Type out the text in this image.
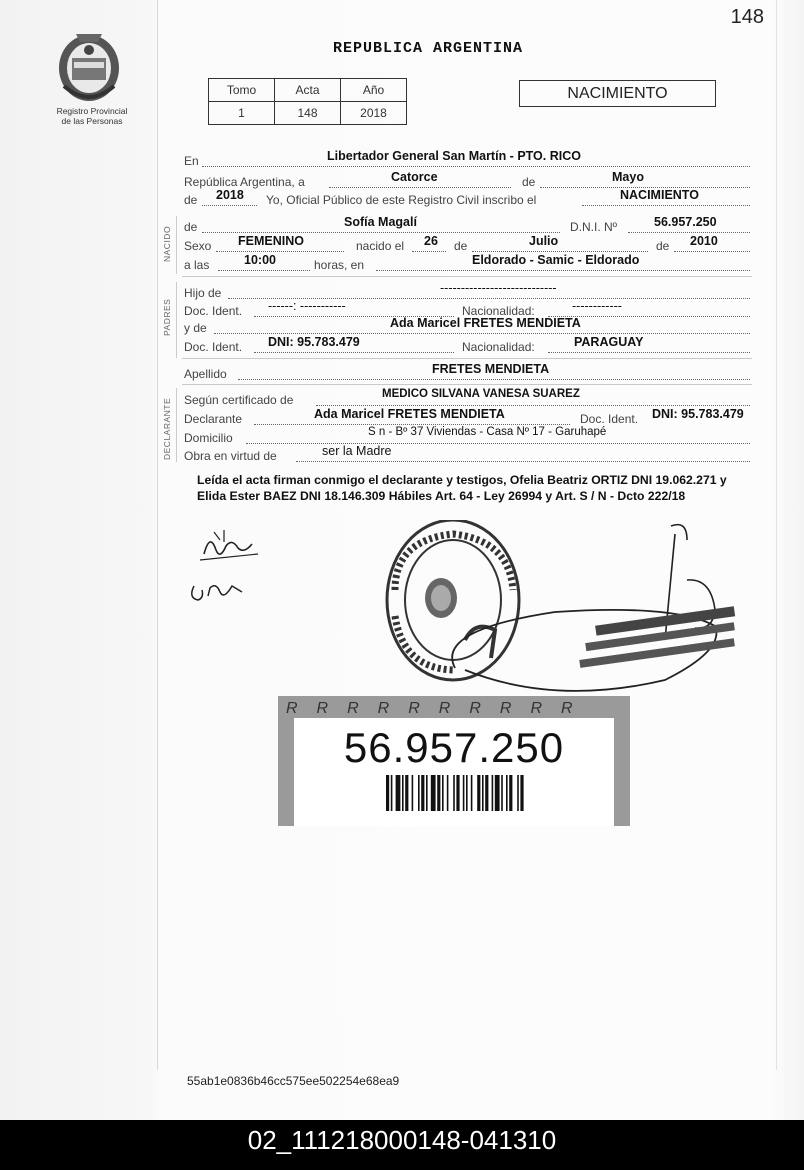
148
Registro Provincial
de las Personas
REPUBLICA ARGENTINA
Tomo	Acta	Año
1	148	2018
NACIMIENTO
En	Libertador General San Martín - PTO. RICO
República Argentina, a	Catorce	de	Mayo
de 2018 Yo, Oficial Público de este Registro Civil inscribo el	NACIMIENTO
NACIDO de	Sofía Magalí	D.N.I. Nº	56.957.250
Sexo FEMENINO	nacido el 26 de	Julio	de 2010
a las	10:00	horas, en	Eldorado - Samic - Eldorado
PADRES
Hijo de	----------------------------
Doc. Ident. ------: -----------	Nacionalidad:	------------
y de	Ada Maricel FRETES MENDIETA
Doc. Ident. DNI: 95.783.479	Nacionalidad:	PARAGUAY
Apellido	FRETES MENDIETA
DECLARANTE Según certificado de	MEDICO SILVANA VANESA SUAREZ
Declarante	Ada Maricel FRETES MENDIETA	Doc. Ident. DNI: 95.783.479
Domicilio	S n - Bº 37 Viviendas - Casa Nº 17 - Garuhapé
Obra en virtud de	ser la Madre
Leída el acta firman conmigo el declarante y testigos, Ofelia Beatriz ORTIZ DNI 19.062.271 y Elida Ester BAEZ DNI 18.146.309 Hábiles Art. 64 - Ley 26994 y Art. S / N - Dcto 222/18
RRRRRRRRRR
56.957.250
55ab1e0836b46cc575ee502254e68ea9
02_111218000148-041310
